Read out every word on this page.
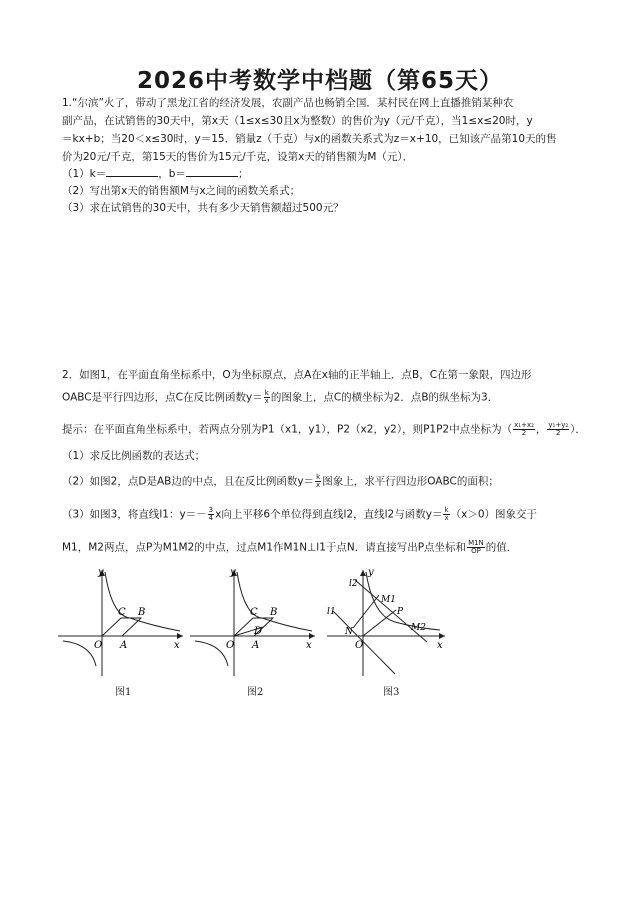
2026中考数学中档题（第65天）
1.“尔滨”火了，带动了黑龙江省的经济发展，农副产品也畅销全国．某村民在网上直播推销某种农
副产品，在试销售的30天中，第x天（1≤x≤30且x为整数）的售价为y（元/千克），当1≤x≤20时，y
＝kx+b；当20＜x≤30时，y＝15．销量z（千克）与x的函数关系式为z＝x+10，已知该产品第10天的售
价为20元/千克，第15天的售价为15元/千克，设第x天的销售额为M（元）．
（1）k＝	，b＝	；
（2）写出第x天的销售额M与x之间的函数关系式；
（3）求在试销售的30天中，共有多少天销售额超过500元？
2．如图1，在平面直角坐标系中，O为坐标原点，点A在x轴的正半轴上．点B，C在第一象限，四边形
OABC是平行四边形，点C在反比例函数$y= \frac{k}{x}$ 的图象上，点C的横坐标为2．点B的纵坐标为3．
提示：在平面直角坐标系中，若两点分别为P1（x1，y1），P2（x2，y2），则P1P2中点坐标为（ $\frac{\text{x₁+x₂}}{2}$ ， $\frac{\text{y₁+y₂}}{2}$ ）．
（1）求反比例函数的表达式；
（2）如图2，点D是AB边的中点，且在反比例函数$y= \frac{k}{x}$ 图象上，求平行四边形OABC的面积；
（3）如图3，将直线l1：$y=- \frac{3}{4}$ x向上平移6个单位得到直线l2，直线l2与函数$y= \frac{k}{x} (x>0)$图象交于
M1，M2两点，点P为M1M2的中点，过点M1作M1N⊥l1于点N．请直接写出P点坐标和 $\frac{M1N}{OP}$ 的值．
y
x
O A
C B
图1
y
x
O A
C B
D
图2
y
x
O
l2
l1
M1
P
M2
N
图3
